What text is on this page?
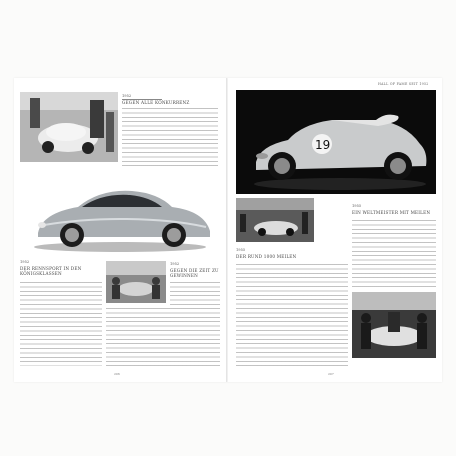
1952
GEGEN ALLE KONKURRENZ
1952
DER RENNSPORT IN DEN KÖNIGSKLASSEN
1952
GEGEN DIE ZEIT ZU GEWINNEN
206
HALL OF FAME SEIT 1952
19
1955
EIN WELTMEISTER MIT MEILEN
1955
DER RUND 1000 MEILEN
207
